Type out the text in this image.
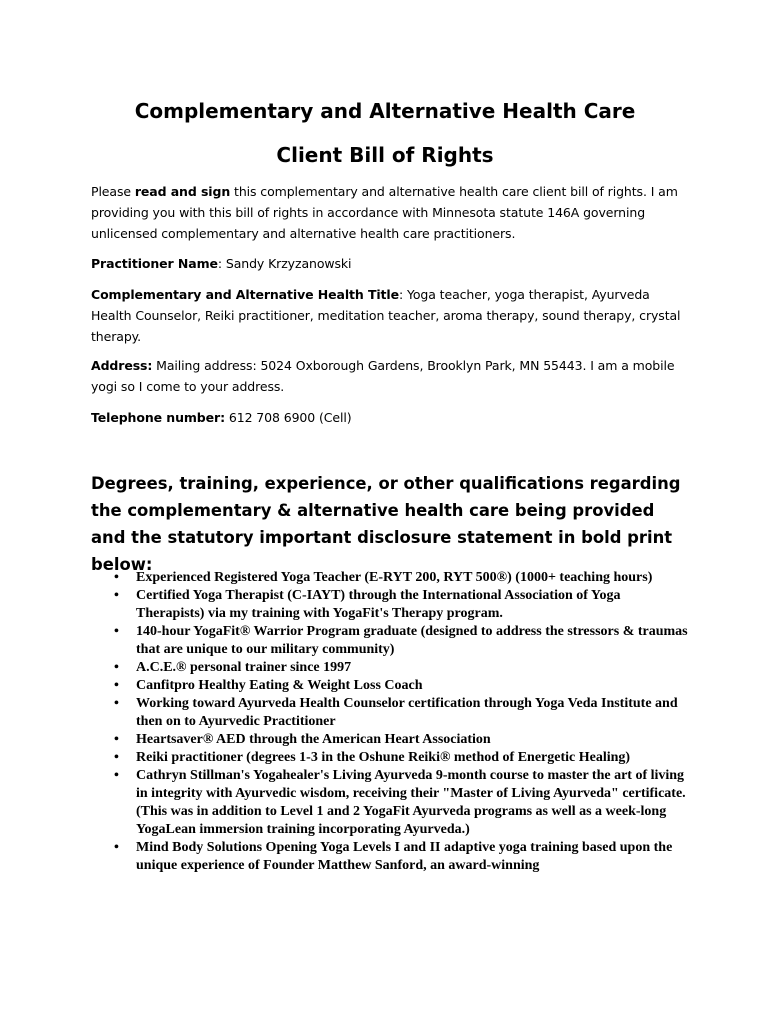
Complementary and Alternative Health Care
Client Bill of Rights

Please read and sign this complementary and alternative health care client bill of rights. I am providing you with this bill of rights in accordance with Minnesota statute 146A governing unlicensed complementary and alternative health care practitioners.

Practitioner Name: Sandy Krzyzanowski

Complementary and Alternative Health Title: Yoga teacher, yoga therapist, Ayurveda Health Counselor, Reiki practitioner, meditation teacher, aroma therapy, sound therapy, crystal therapy.

Address: Mailing address: 5024 Oxborough Gardens, Brooklyn Park, MN 55443. I am a mobile yogi so I come to your address.

Telephone number: 612 708 6900 (Cell)

Degrees, training, experience, or other qualifications regarding the complementary & alternative health care being provided and the statutory important disclosure statement in bold print below:

• Experienced Registered Yoga Teacher (E-RYT 200, RYT 500®) (1000+ teaching hours)
• Certified Yoga Therapist (C-IAYT) through the International Association of Yoga Therapists) via my training with YogaFit's Therapy program.
• 140-hour YogaFit® Warrior Program graduate (designed to address the stressors & traumas that are unique to our military community)
• A.C.E.® personal trainer since 1997
• Canfitpro Healthy Eating & Weight Loss Coach
• Working toward Ayurveda Health Counselor certification through Yoga Veda Institute and then on to Ayurvedic Practitioner
• Heartsaver® AED through the American Heart Association
• Reiki practitioner (degrees 1-3 in the Oshune Reiki® method of Energetic Healing)
• Cathryn Stillman's Yogahealer's Living Ayurveda 9-month course to master the art of living in integrity with Ayurvedic wisdom, receiving their "Master of Living Ayurveda" certificate. (This was in addition to Level 1 and 2 YogaFit Ayurveda programs as well as a week-long YogaLean immersion training incorporating Ayurveda.)
• Mind Body Solutions Opening Yoga Levels I and II adaptive yoga training based upon the unique experience of Founder Matthew Sanford, an award-winning
